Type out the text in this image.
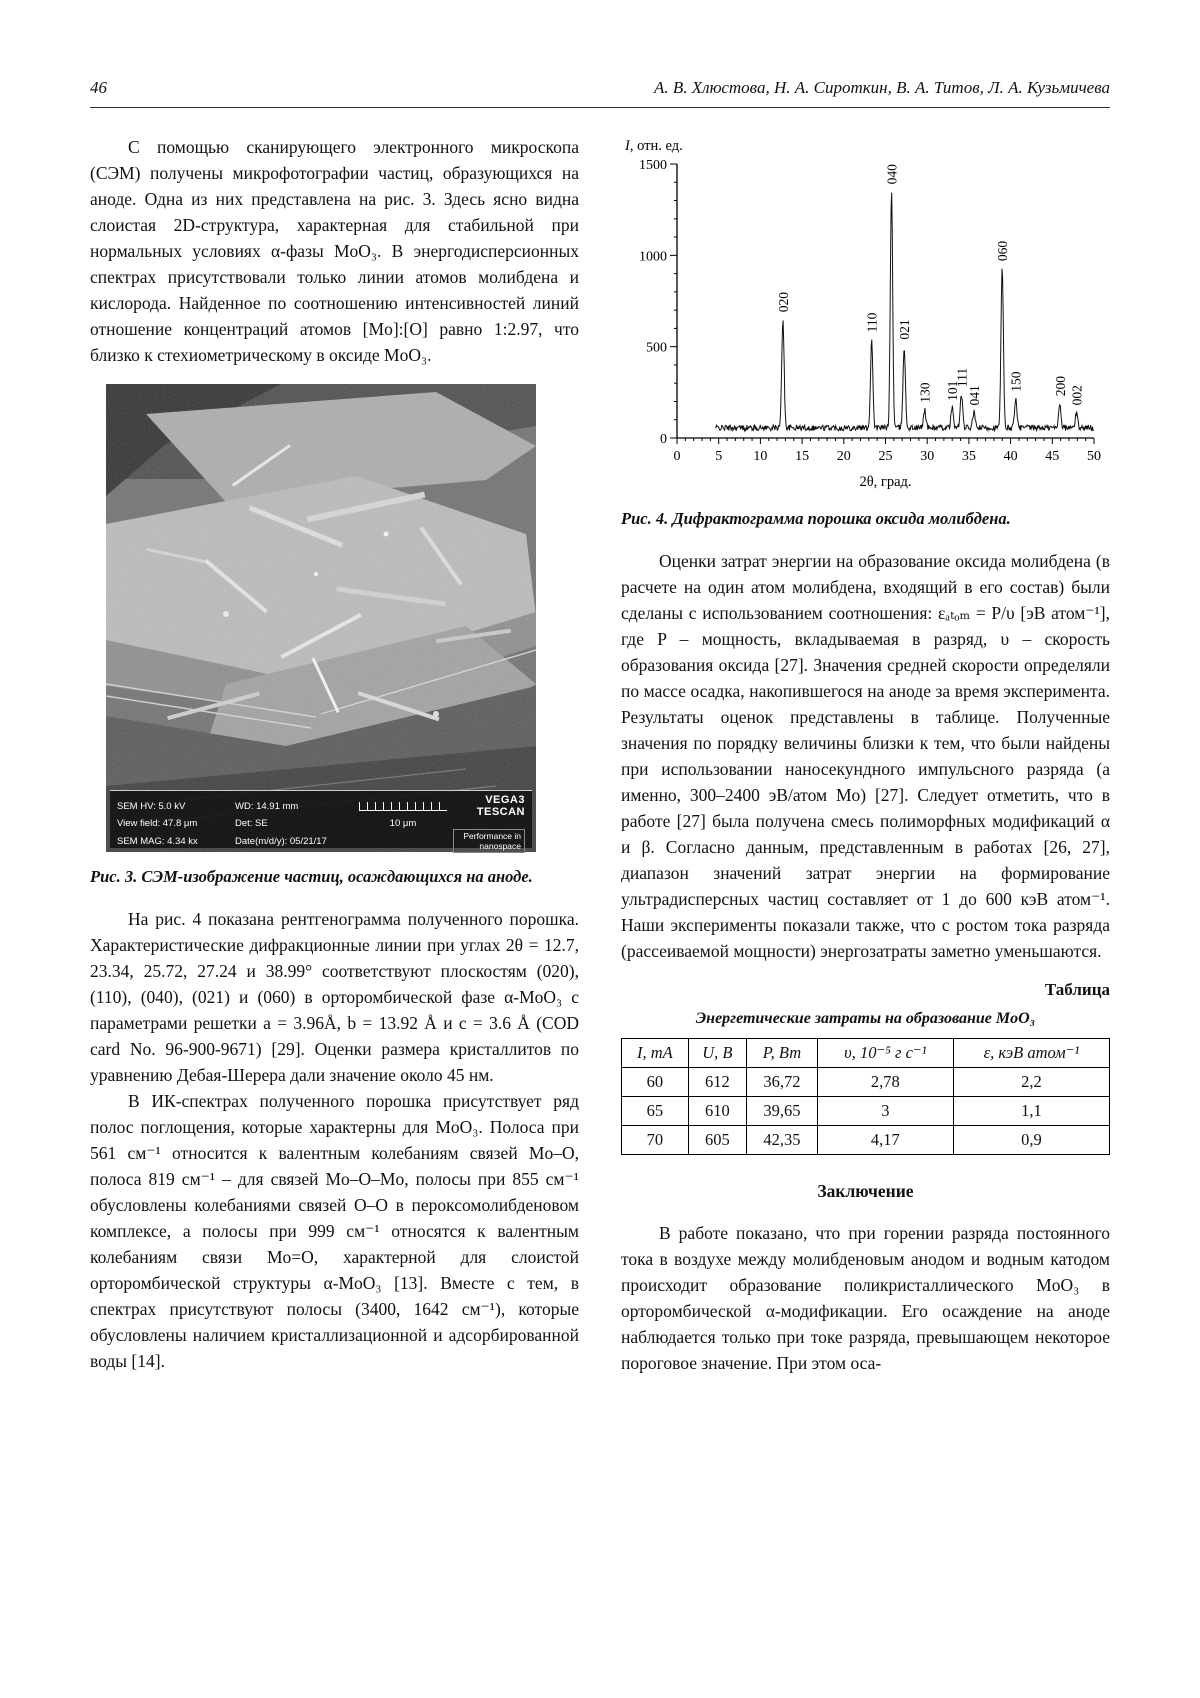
46	А. В. Хлюстова, Н. А. Сироткин, В. А. Титов, Л. А. Кузьмичева

С помощью сканирующего электронного микроскопа (СЭМ) получены микрофотографии частиц, образующихся на аноде. Одна из них представлена на рис. 3. Здесь ясно видна слоистая 2D-структура, характерная для стабильной при нормальных условиях α-фазы MoO₃. В энергодисперсионных спектрах присутствовали только линии атомов молибдена и кислорода. Найденное по соотношению интенсивностей линий отношение концентраций атомов [Mo]:[O] равно 1:2.97, что близко к стехиометрическому в оксиде MoO₃.

SEM HV: 5.0 kV	WD: 14.91 mm	VEGA3 TESCAN
View field: 47.8 μm	Det: SE	10 μm
SEM MAG: 4.34 kx	Date(m/d/y): 05/21/17	Performance in nanospace
Рис. 3. СЭМ-изображение частиц, осаждающихся на аноде.

На рис. 4 показана рентгенограмма полученного порошка. Характеристические дифракционные линии при углах 2θ = 12.7, 23.34, 25.72, 27.24 и 38.99° соответствуют плоскостям (020), (110), (040), (021) и (060) в орторомбической фазе α-MoO₃ с параметрами решетки a = 3.96Å, b = 13.92 Å и c = 3.6 Å (COD card No. 96-900-9671) [29]. Оценки размера кристаллитов по уравнению Дебая-Шерера дали значение около 45 нм.

В ИК-спектрах полученного порошка присутствует ряд полос поглощения, которые характерны для MoO₃. Полоса при 561 см⁻¹ относится к валентным колебаниям связей Mo–O, полоса 819 см⁻¹ – для связей Mo–O–Mo, полосы при 855 см⁻¹ обусловлены колебаниями связей O–O в пероксомолибденовом комплексе, а полосы при 999 см⁻¹ относятся к валентным колебаниям связи Mo=O, характерной для слоистой орторомбической структуры α-MoO₃ [13]. Вместе с тем, в спектрах присутствуют полосы (3400, 1642 см⁻¹), которые обусловлены наличием кристаллизационной и адсорбированной воды [14].

0 5 10 15 20 25 30 35 40 45 50
0
500
1000
1500
I, отн. ед.
2θ, град.
020
110
040
021
130 101
111
041
060
150 200 002
Рис. 4. Дифрактограмма порошка оксида молибдена.

Оценки затрат энергии на образование оксида молибдена (в расчете на один атом молибдена, входящий в его состав) были сделаны с использованием соотношения: εₐₜₒₘ = P/υ [эВ атом⁻¹], где P – мощность, вкладываемая в разряд, υ – скорость образования оксида [27]. Значения средней скорости определяли по массе осадка, накопившегося на аноде за время эксперимента. Результаты оценок представлены в таблице. Полученные значения по порядку величины близки к тем, что были найдены при использовании наносекундного импульсного разряда (а именно, 300–2400 эВ/атом Mo) [27]. Следует отметить, что в работе [27] была получена смесь полиморфных модификаций α и β. Согласно данным, представленным в работах [26, 27], диапазон значений затрат энергии на формирование ультрадисперсных частиц составляет от 1 до 600 кэВ атом⁻¹. Наши эксперименты показали также, что с ростом тока разряда (рассеиваемой мощности) энергозатраты заметно уменьшаются.

Таблица
Энергетические затраты на образование MoO₃
I, mA	U, В	P, Вт	υ, 10⁻⁵ г с⁻¹	ε, кэВ атом⁻¹
60	612	36,72	2,78	2,2
65	610	39,65	3	1,1
70	605	42,35	4,17	0,9
Заключение

В работе показано, что при горении разряда постоянного тока в воздухе между молибденовым анодом и водным катодом происходит образование поликристаллического MoO₃ в орторомбической α-модификации. Его осаждение на аноде наблюдается только при токе разряда, превышающем некоторое пороговое значение. При этом оса-
